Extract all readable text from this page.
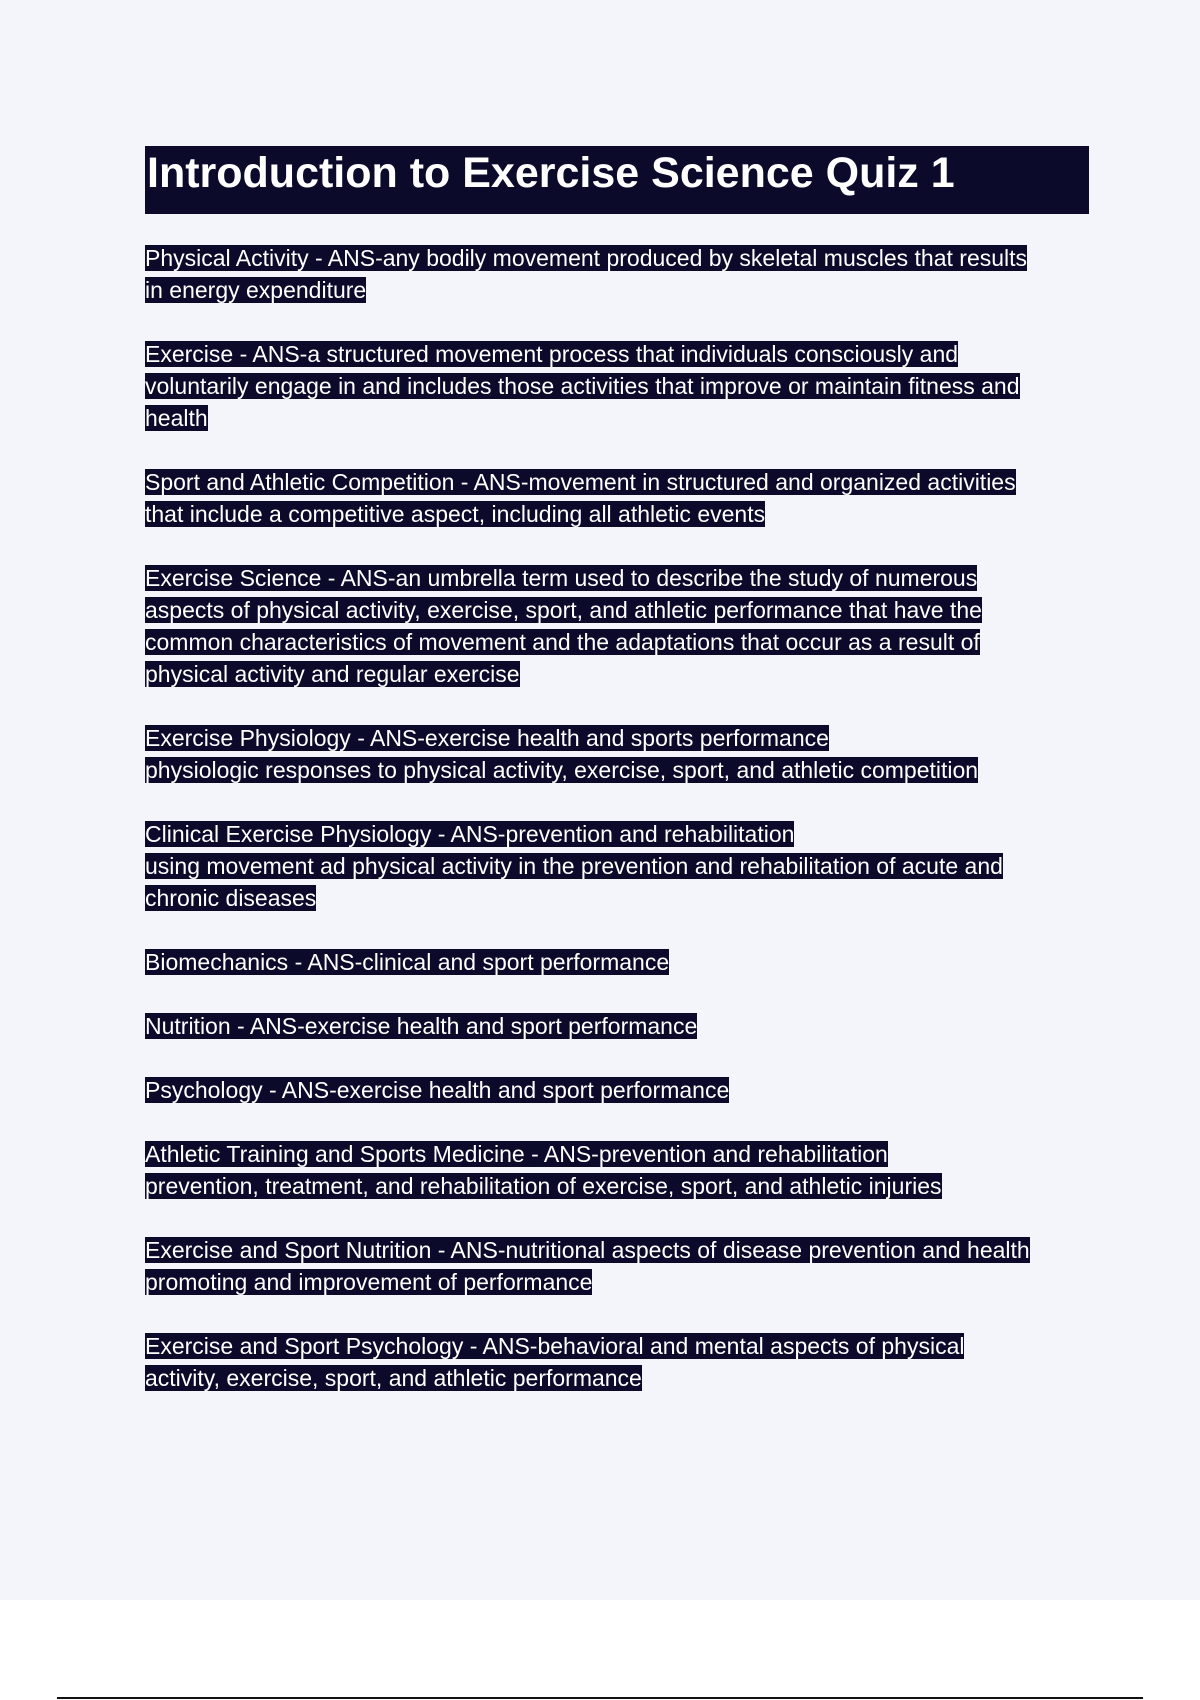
Introduction to Exercise Science Quiz 1
Physical Activity - ANS-any bodily movement produced by skeletal muscles that results
in energy expenditure
Exercise - ANS-a structured movement process that individuals consciously and
voluntarily engage in and includes those activities that improve or maintain fitness and
health
Sport and Athletic Competition - ANS-movement in structured and organized activities
that include a competitive aspect, including all athletic events
Exercise Science - ANS-an umbrella term used to describe the study of numerous
aspects of physical activity, exercise, sport, and athletic performance that have the
common characteristics of movement and the adaptations that occur as a result of
physical activity and regular exercise
Exercise Physiology - ANS-exercise health and sports performance
physiologic responses to physical activity, exercise, sport, and athletic competition
Clinical Exercise Physiology - ANS-prevention and rehabilitation
using movement ad physical activity in the prevention and rehabilitation of acute and
chronic diseases
Biomechanics - ANS-clinical and sport performance
Nutrition - ANS-exercise health and sport performance
Psychology - ANS-exercise health and sport performance
Athletic Training and Sports Medicine - ANS-prevention and rehabilitation
prevention, treatment, and rehabilitation of exercise, sport, and athletic injuries
Exercise and Sport Nutrition - ANS-nutritional aspects of disease prevention and health
promoting and improvement of performance
Exercise and Sport Psychology - ANS-behavioral and mental aspects of physical
activity, exercise, sport, and athletic performance
